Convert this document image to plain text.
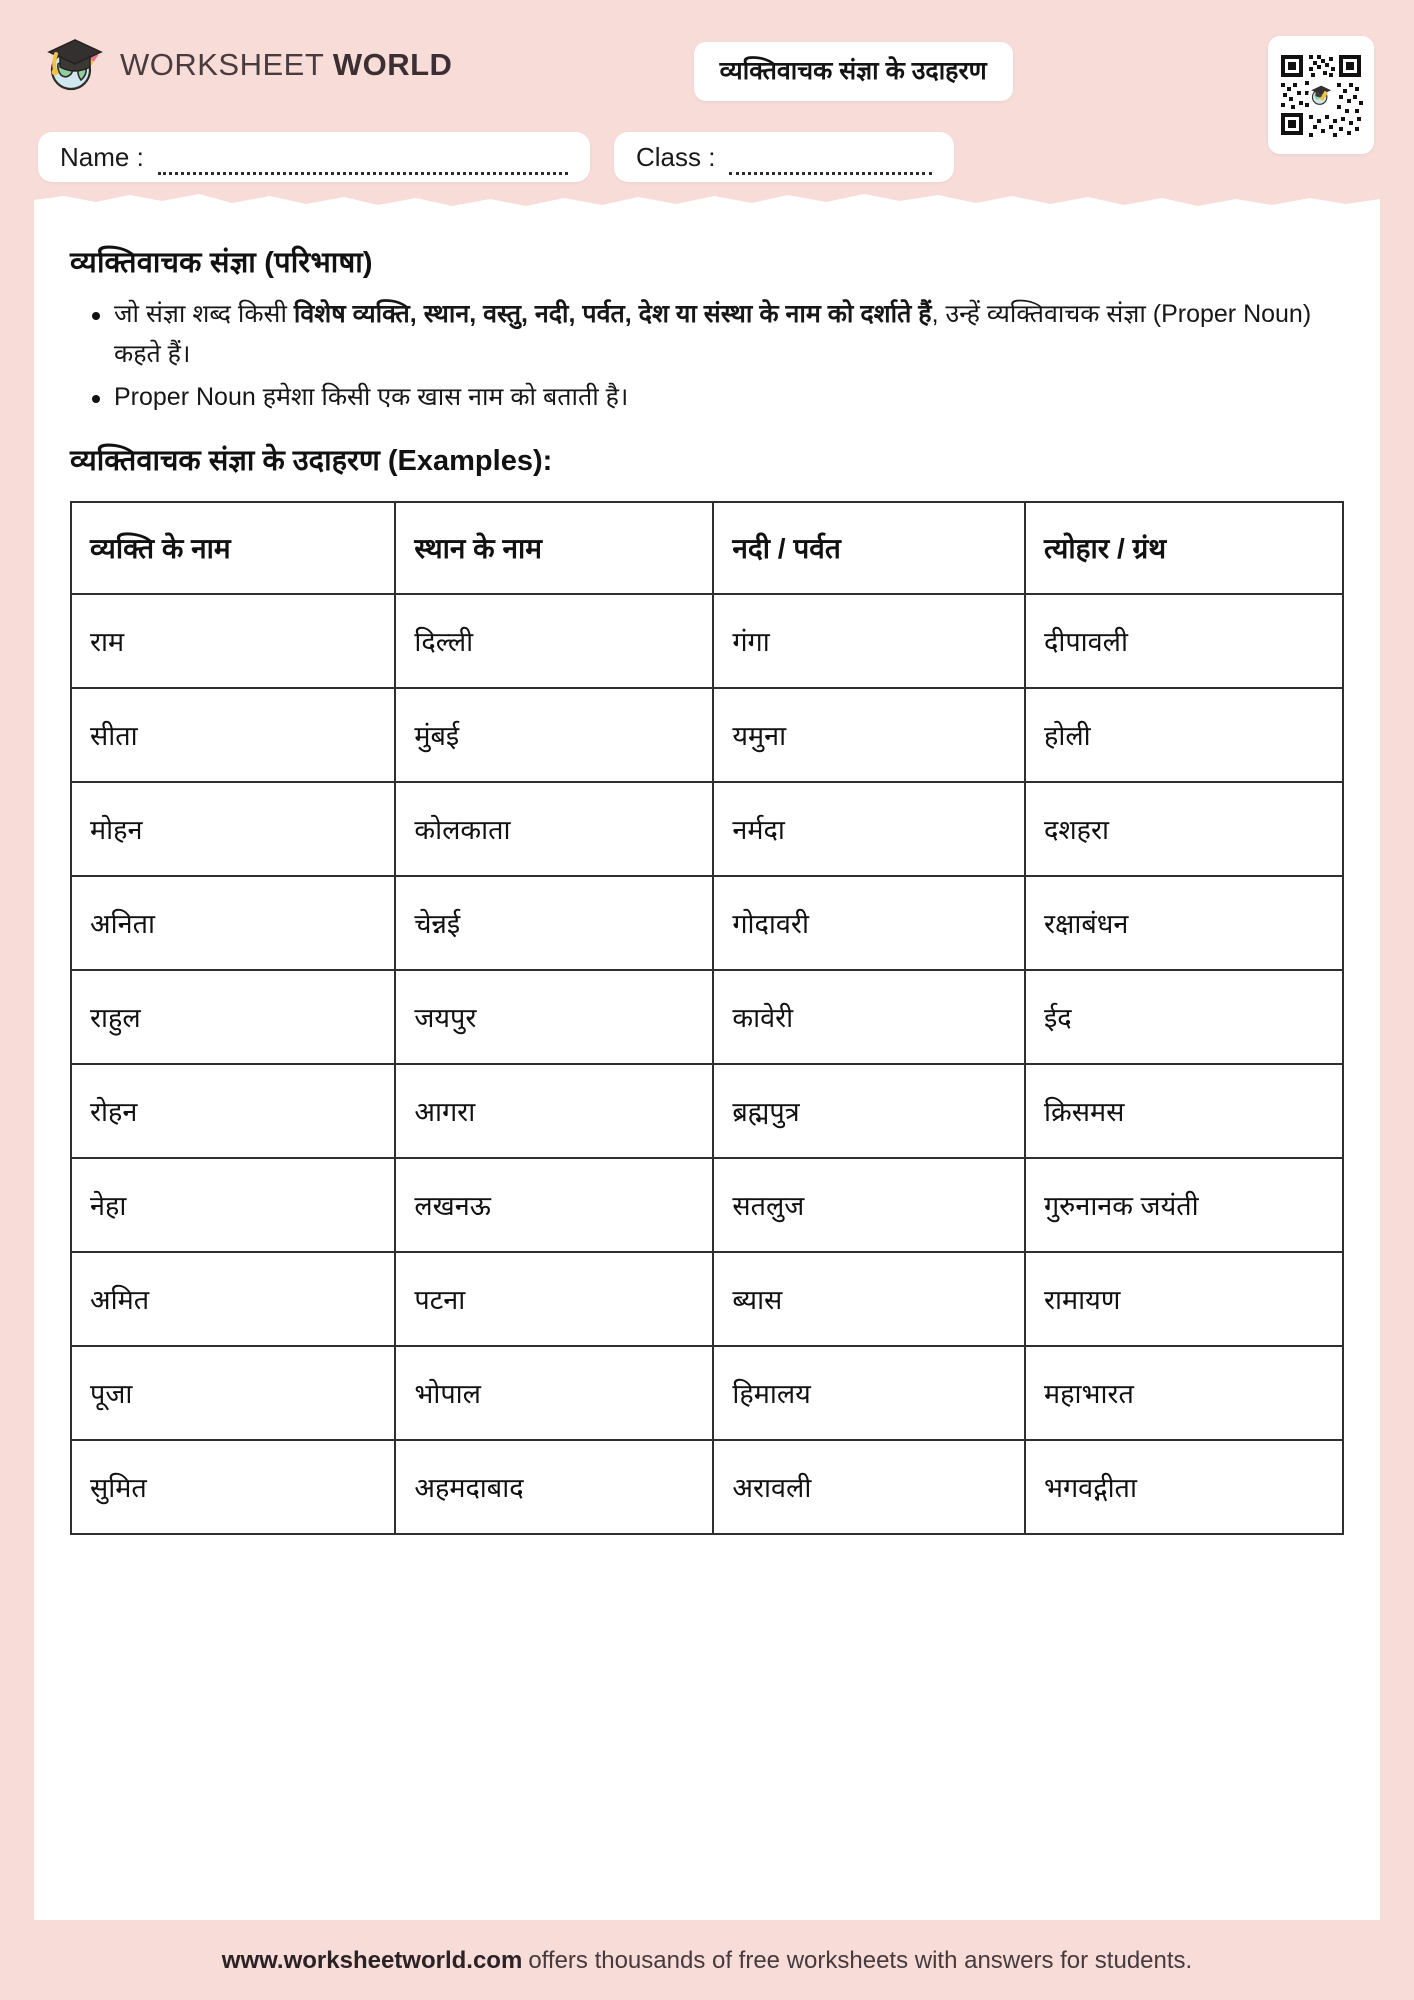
WORKSHEET WORLD	व्यक्तिवाचक संज्ञा के उदाहरण
Name :	Class :
व्यक्तिवाचक संज्ञा (परिभाषा)
जो संज्ञा शब्द किसी विशेष व्यक्ति, स्थान, वस्तु, नदी, पर्वत, देश या संस्था के नाम को दर्शाते हैं, उन्हें व्यक्तिवाचक संज्ञा (Proper Noun) कहते हैं।
Proper Noun हमेशा किसी एक खास नाम को बताती है।
व्यक्तिवाचक संज्ञा के उदाहरण (Examples):
व्यक्ति के नाम	स्थान के नाम	नदी / पर्वत	त्योहार / ग्रंथ
राम	दिल्ली	गंगा	दीपावली
सीता	मुंबई	यमुना	होली
मोहन	कोलकाता	नर्मदा	दशहरा
अनिता	चेन्नई	गोदावरी	रक्षाबंधन
राहुल	जयपुर	कावेरी	ईद
रोहन	आगरा	ब्रह्मपुत्र	क्रिसमस
नेहा	लखनऊ	सतलुज	गुरुनानक जयंती
अमित	पटना	ब्यास	रामायण
पूजा	भोपाल	हिमालय	महाभारत
सुमित	अहमदाबाद	अरावली	भगवद्गीता
www.worksheetworld.com offers thousands of free worksheets with answers for students.
